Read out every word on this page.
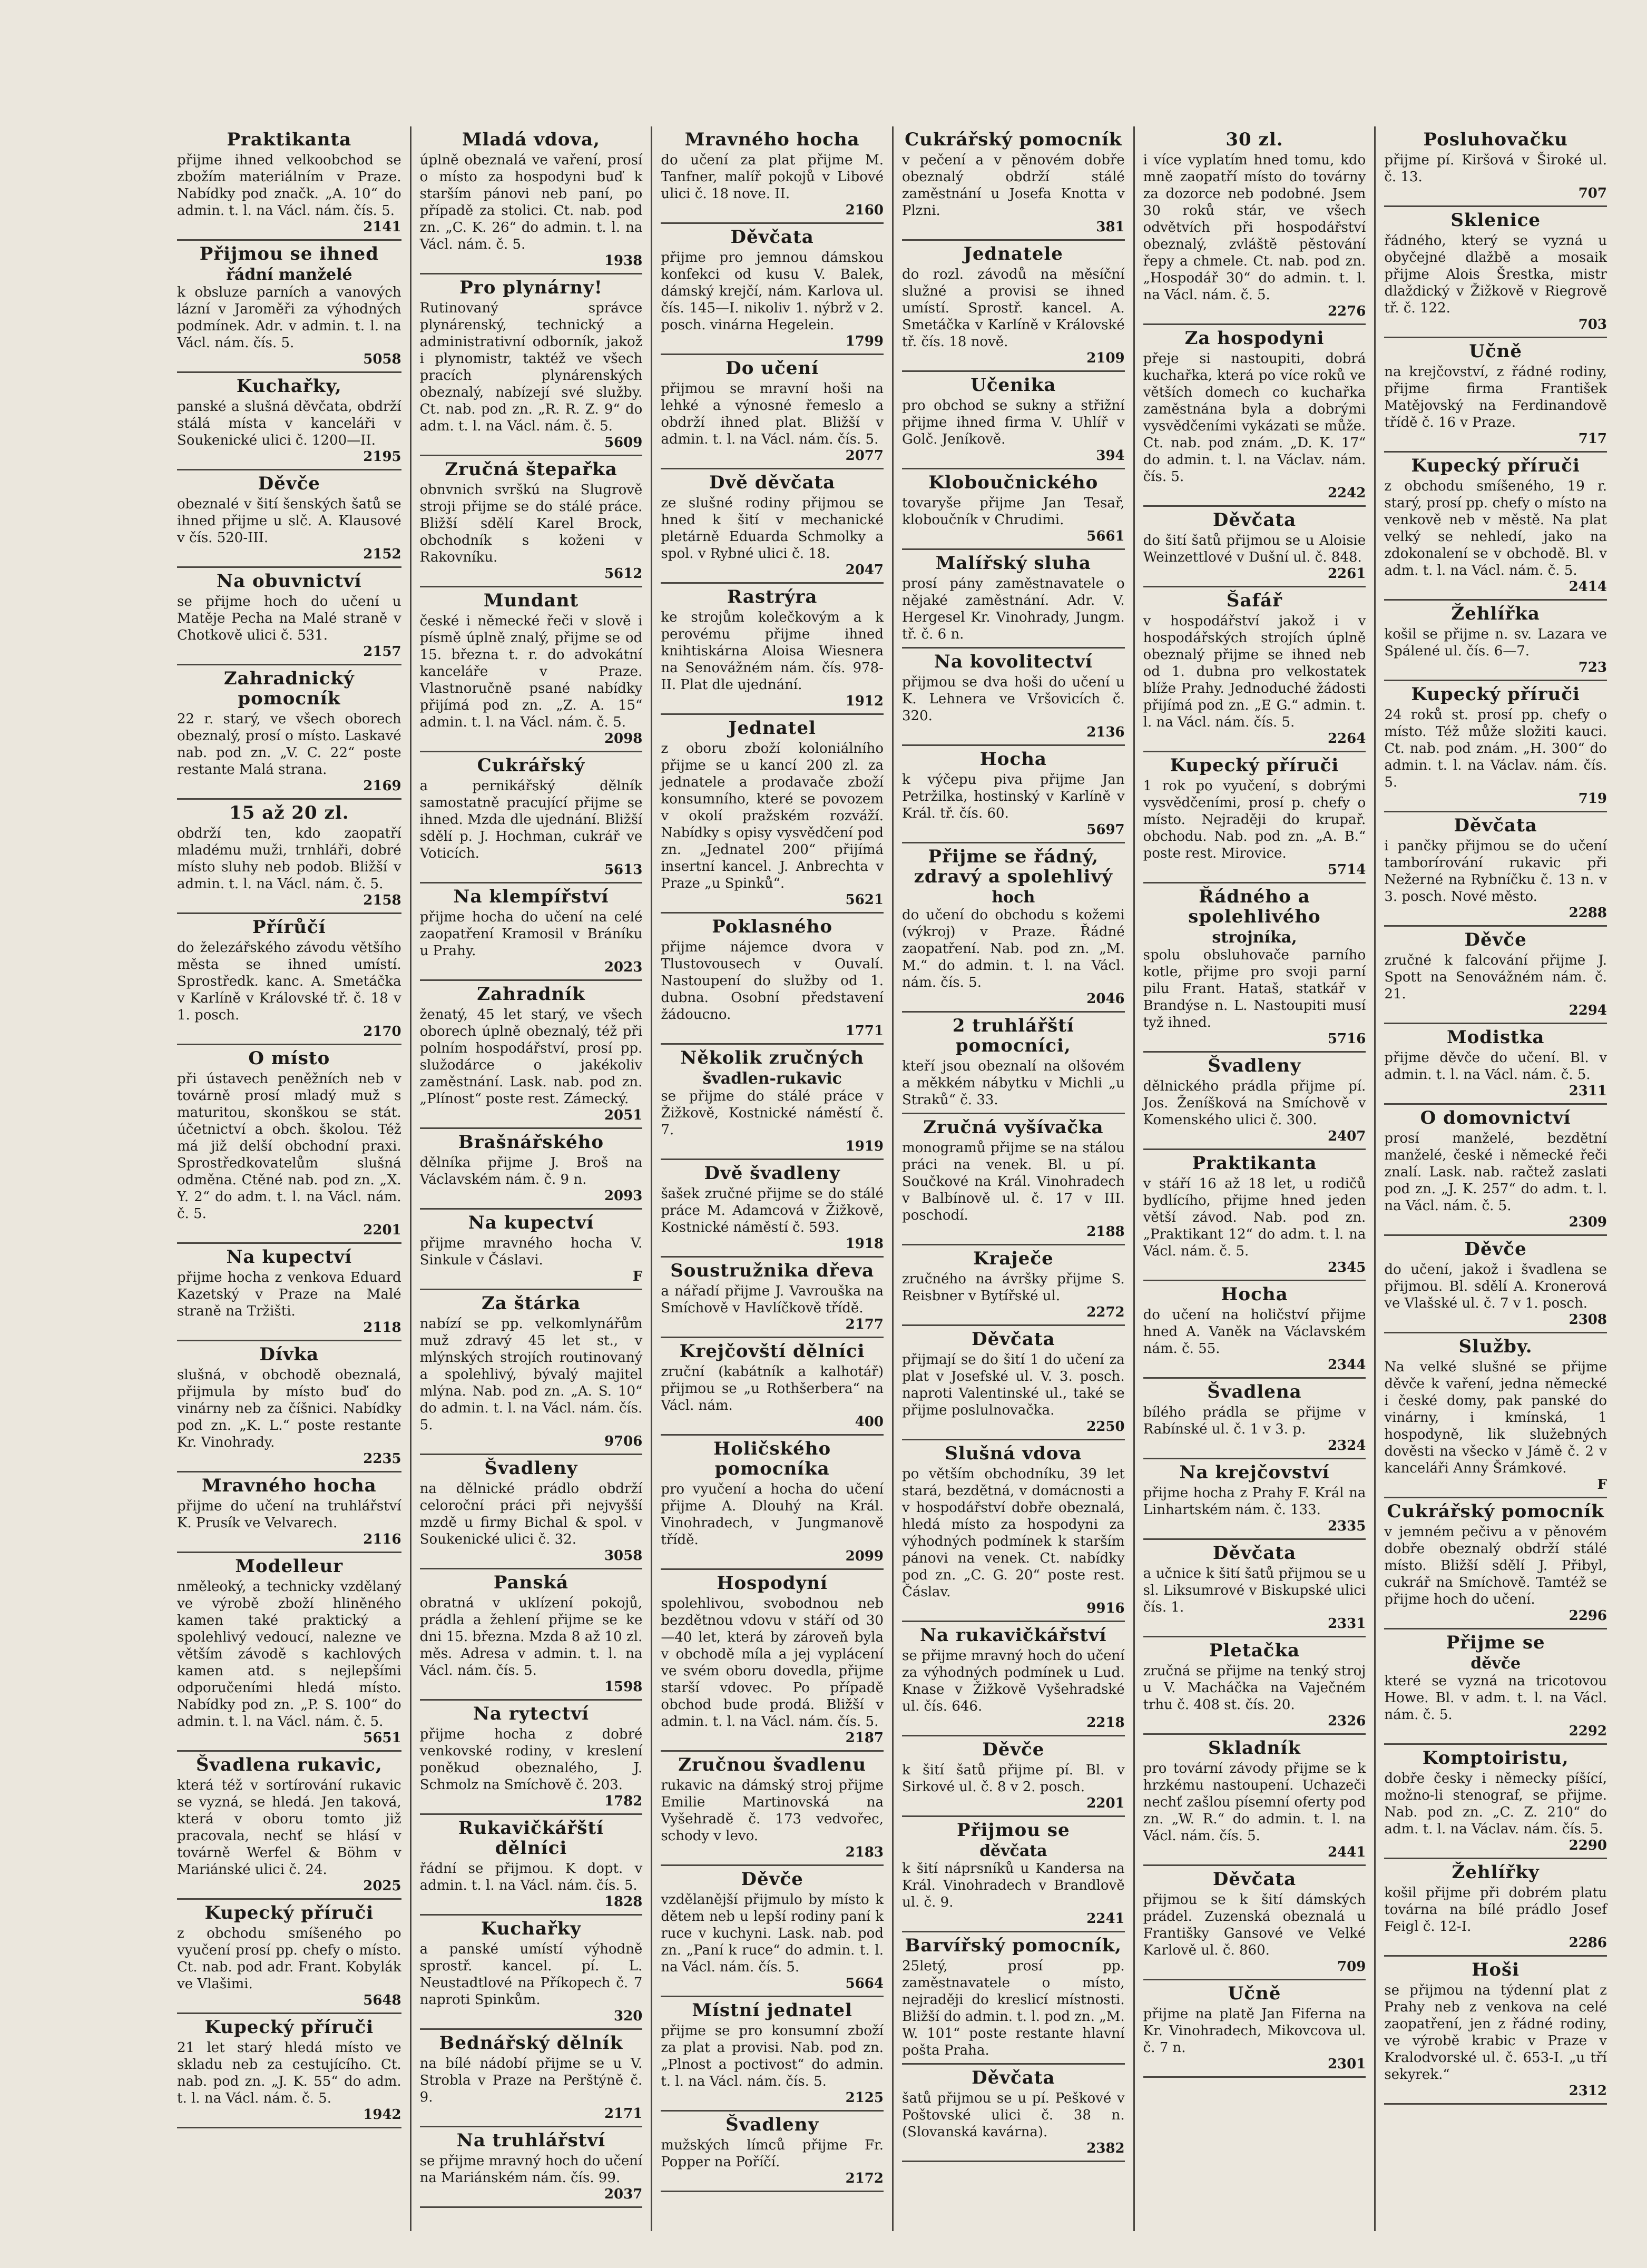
Praktikanta

přijme ihned velkoobchod se zbožím materiálním v Praze. Nabídky pod značk. „A. 10“ do admin. t. l. na Václ. nám. čís. 5.

2141
Přijmou se ihned
řádní manželé

k obsluze parních a vanových lázní v Jaroměři za výhodných podmínek. Adr. v admin. t. l. na Václ. nám. čís. 5.

5058
Kuchařky,

panské a slušná děvčata, obdrží stálá místa v kanceláři v Soukenické ulici č. 1200—II.

2195
Děvče

obeznalé v šití šenských šatů se ihned přijme u slč. A. Klausové v čís. 520-III.

2152
Na obuvnictví

se přijme hoch do učení u Matěje Pecha na Malé straně v Chotkově ulici č. 531.

2157
Zahradnický pomocník

22 r. starý, ve všech oborech obeznalý, prosí o místo. Laskavé nab. pod zn. „V. C. 22“ poste restante Malá strana.

2169
15 až 20 zl.

obdrží ten, kdo zaopatří mladému muži, trnhláři, dobré místo sluhy neb podob. Bližší v admin. t. l. na Václ. nám. č. 5.

2158
Přírůčí

do železářského závodu většího města se ihned umístí. Sprostředk. kanc. A. Smetáčka v Karlíně v Královské tř. č. 18 v 1. posch.

2170
O místo

při ústavech peněžních neb v továrně prosí mladý muž s maturitou, skonškou se stát. účetnictví a obch. školou. Též má již delší obchodní praxi. Sprostředkovatelům slušná odměna. Ctěné nab. pod zn. „X. Y. 2“ do adm. t. l. na Václ. nám. č. 5.

2201
Na kupectví

přijme hocha z venkova Eduard Kazetský v Praze na Malé straně na Tržišti.

2118
Dívka

slušná, v obchodě obeznalá, přijmula by místo buď do vinárny neb za číšnici. Nabídky pod zn. „K. L.“ poste restante Kr. Vinohrady.

2235
Mravného hocha

přijme do učení na truhlářství K. Prusík ve Velvarech.

2116
Modelleur

nměleoký, a technicky vzdělaný ve výrobě zboží hliněného kamen také praktický a spolehlivý vedoucí, nalezne ve větším závodě s kachlových kamen atd. s nejlepšími odporučeními hledá místo. Nabídky pod zn. „P. S. 100“ do admin. t. l. na Václ. nám. č. 5.

5651
Švadlena rukavic,

která též v sortírování rukavic se vyzná, se hledá. Jen taková, která v oboru tomto již pracovala, nechť se hlásí v továrně Werfel & Böhm v Mariánské ulici č. 24.

2025
Kupecký příruči

z obchodu smíšeného po vyučení prosí pp. chefy o místo. Ct. nab. pod adr. Frant. Kobylák ve Vlašimi.

5648
Kupecký příruči

21 let starý hledá místo ve skladu neb za cestujícího. Ct. nab. pod zn. „J. K. 55“ do adm. t. l. na Václ. nám. č. 5.

1942
Mladá vdova,

úplně obeznalá ve vaření, prosí o místo za hospodyni buď k starším pánovi neb paní, po případě za stolici. Ct. nab. pod zn. „C. K. 26“ do admin. t. l. na Václ. nám. č. 5.

1938
Pro plynárny!

Rutinovaný správce plynárenský, technický a administrativní odborník, jakož i plynomistr, taktéž ve všech pracích plynárenských obeznalý, nabízejí své služby. Ct. nab. pod zn. „R. R. Z. 9“ do adm. t. l. na Václ. nám. č. 5.

5609
Zručná štepařka

obnvnich svrškú na Slugrově stroji přijme se do stálé práce. Bližší sdělí Karel Brock, obchodník s koženi v Rakovníku.

5612
Mundant

české i německé řeči v slově i písmě úplně znalý, přijme se od 15. března t. r. do advokátní kanceláře v Praze. Vlastnoručně psané nabídky přijímá pod zn. „Z. A. 15“ admin. t. l. na Václ. nám. č. 5.

2098
Cukrářský

a pernikářský dělník samostatně pracující přijme se ihned. Mzda dle ujednání. Bližší sdělí p. J. Hochman, cukrář ve Voticích.

5613
Na klempířství

přijme hocha do učení na celé zaopatření Kramosil v Bráníku u Prahy.

2023
Zahradník

ženatý, 45 let starý, ve všech oborech úplně obeznalý, též při polním hospodářství, prosí pp. služodárce o jakékoliv zaměstnání. Lask. nab. pod zn. „Plínost“ poste rest. Zámecký.

2051
Brašnářského

dělníka přijme J. Broš na Václavském nám. č. 9 n.

2093
Na kupectví

přijme mravného hocha V. Sinkule v Čáslavi.

F
Za štárka

nabízí se pp. velkomlynářům muž zdravý 45 let st., v mlýnských strojích routinovaný a spolehlivý, bývalý majitel mlýna. Nab. pod zn. „A. S. 10“ do admin. t. l. na Václ. nám. čís. 5.

9706
Švadleny

na dělnické prádlo obdrží celoroční práci při nejvyšší mzdě u firmy Bichal & spol. v Soukenické ulici č. 32.

3058
Panská

obratná v uklízení pokojů, prádla a žehlení přijme se ke dni 15. března. Mzda 8 až 10 zl. měs. Adresa v admin. t. l. na Václ. nám. čís. 5.

1598
Na rytectví

přijme hocha z dobré venkovské rodiny, v kreslení poněkud obeznalého, J. Schmolz na Smíchově č. 203.

1782
Rukavičkářští dělníci

řádní se přijmou. K dopt. v admin. t. l. na Václ. nám. čís. 5.

1828
Kuchařky

a panské umístí výhodně sprostř. kancel. pí. L. Neustadtlové na Příkopech č. 7 naproti Spinkům.

320
Bednářský dělník

na bílé nádobí přijme se u V. Strobla v Praze na Perštýně č. 9.

2171
Na truhlářství

se přijme mravný hoch do učení na Mariánském nám. čís. 99.

2037
Mravného hocha

do učení za plat přijme M. Tanfner, malíř pokojů v Libové ulici č. 18 nove. II.

2160
Děvčata

přijme pro jemnou dámskou konfekci od kusu V. Balek, dámský krejčí, nám. Karlova ul. čís. 145—I. nikoliv 1. nýbrž v 2. posch. vinárna Hegelein.

1799
Do učení

přijmou se mravní hoši na lehké a výnosné řemeslo a obdrží ihned plat. Bližší v admin. t. l. na Václ. nám. čís. 5.

2077
Dvě děvčata

ze slušné rodiny přijmou se hned k šití v mechanické pletárně Eduarda Schmolky a spol. v Rybné ulici č. 18.

2047
Rastrýra

ke strojům kolečkovým a k perovému přijme ihned knihtiskárna Aloisa Wiesnera na Senovážném nám. čís. 978-II. Plat dle ujednání.

1912
Jednatel

z oboru zboží koloniálního přijme se u kancí 200 zl. za jednatele a prodavače zboží konsumního, které se povozem v okolí pražském rozváží. Nabídky s opisy vysvědčení pod zn. „Jednatel 200“ přijímá insertní kancel. J. Anbrechta v Praze „u Spinků“.

5621
Poklasného

přijme nájemce dvora v Tlustovousech v Ouvalí. Nastoupení do služby od 1. dubna. Osobní představení žádoucno.

1771
Několik zručných
švadlen-rukavic

se přijme do stálé práce v Žižkově, Kostnické náměstí č. 7.

1919
Dvě švadleny

šašek zručné přijme se do stálé práce M. Adamcová v Žižkově, Kostnické náměstí č. 593.

1918
Soustružnika dřeva

a nářadí přijme J. Vavrouška na Smíchově v Havlíčkově třídě.

2177
Krejčovští dělníci

zruční (kabátník a kalhotář) přijmou se „u Rothšerbera“ na Václ. nám.

400
Holičského pomocníka

pro vyučení a hocha do učení přijme A. Dlouhý na Král. Vinohradech, v Jungmanově třídě.

2099
Hospodyní

spolehlivou, svobodnou neb bezdětnou vdovu v stáří od 30—40 let, která by zároveň byla v obchodě míla a jej vyplácení ve svém oboru dovedla, přijme starší vdovec. Po případě obchod bude prodá. Bližší v admin. t. l. na Václ. nám. čís. 5.

2187
Zručnou švadlenu

rukavic na dámský stroj přijme Emilie Martinovská na Vyšehradě č. 173 vedvořec, schody v levo.

2183
Děvče

vzdělanější přijmulo by místo k dětem neb u lepší rodiny paní k ruce v kuchyni. Lask. nab. pod zn. „Paní k ruce“ do admin. t. l. na Václ. nám. čís. 5.

5664
Místní jednatel

přijme se pro konsumní zboží za plat a provisi. Nab. pod zn. „Plnost a poctivost“ do admin. t. l. na Václ. nám. čís. 5.

2125
Švadleny

mužských límců přijme Fr. Popper na Poříčí.

2172
Cukrářský pomocník

v pečení a v pěnovém dobře obeznalý obdrží stálé zaměstnání u Josefa Knotta v Plzni.

381
Jednatele

do rozl. závodů na měsíční služné a provisi se ihned umístí. Sprostř. kancel. A. Smetáčka v Karlíně v Královské tř. čís. 18 nově.

2109
Učenika

pro obchod se sukny a střižní přijme ihned firma V. Uhlíř v Golč. Jeníkově.

394
Kloboučnického

tovaryše přijme Jan Tesař, kloboučník v Chrudimi.

5661
Malířský sluha

prosí pány zaměstnavatele o nějaké zaměstnání. Adr. V. Hergesel Kr. Vinohrady, Jungm. tř. č. 6 n.

Na kovolitectví

přijmou se dva hoši do učení u K. Lehnera ve Vršovicích č. 320.

2136
Hocha

k výčepu piva přijme Jan Petržilka, hostinský v Karlíně v Král. tř. čís. 60.

5697
Přijme se řádný, zdravý a spolehlivý
hoch

do učení do obchodu s kožemi (výkroj) v Praze. Řádné zaopatření. Nab. pod zn. „M. M.“ do admin. t. l. na Václ. nám. čís. 5.

2046
2 truhlářští pomocníci,

kteří jsou obeznalí na olšovém a měkkém nábytku v Michli „u Straků“ č. 33.

Zručná vyšívačka

monogramů přijme se na stálou práci na venek. Bl. u pí. Součkové na Král. Vinohradech v Balbínově ul. č. 17 v III. poschodí.

2188
Kraječe

zručného na ávršky přijme S. Reisbner v Bytířské ul.

2272
Děvčata

přijmají se do šití 1 do učení za plat v Josefské ul. V. 3. posch. naproti Valentinské ul., také se přijme poslulnovačka.

2250
Slušná vdova

po větším obchodníku, 39 let stará, bezdětná, v domácnosti a v hospodářství dobře obeznalá, hledá místo za hospodyni za výhodných podmínek k starším pánovi na venek. Ct. nabídky pod zn. „C. G. 20“ poste rest. Čáslav.

9916
Na rukavičkářství

se přijme mravný hoch do učení za výhodných podmínek u Lud. Knase v Žižkově Vyšehradské ul. čís. 646.

2218
Děvče

k šití šatů přijme pí. Bl. v Sirkové ul. č. 8 v 2. posch.

2201
Přijmou se
děvčata

k šití náprsníků u Kandersa na Král. Vinohradech v Brandlově ul. č. 9.

2241
Barvířský pomocník,

25letý, prosí pp. zaměstnavatele o místo, nejraději do kreslicí místnosti. Bližší do admin. t. l. pod zn. „M. W. 101“ poste restante hlavní pošta Praha.

Děvčata

šatů přijmou se u pí. Peškové v Poštovské ulici č. 38 n. (Slovanská kavárna).

2382
30 zl.

i více vyplatím hned tomu, kdo mně zaopatří místo do továrny za dozorce neb podobné. Jsem 30 roků stár, ve všech odvětvích při hospodářství obeznalý, zvláště pěstování řepy a chmele. Ct. nab. pod zn. „Hospodář 30“ do admin. t. l. na Václ. nám. č. 5.

2276
Za hospodyni

přeje si nastoupiti, dobrá kuchařka, která po více roků ve větších domech co kuchařka zaměstnána byla a dobrými vysvědčeními vykázati se může. Ct. nab. pod znám. „D. K. 17“ do admin. t. l. na Václav. nám. čís. 5.

2242
Děvčata

do šití šatů přijmou se u Aloisie Weinzettlové v Dušní ul. č. 848.

2261
Šafář

v hospodářství jakož i v hospodářských strojích úplně obeznalý přijme se ihned neb od 1. dubna pro velkostatek blíže Prahy. Jednoduché žádosti přijímá pod zn. „E G.“ admin. t. l. na Václ. nám. čís. 5.

2264
Kupecký příruči

1 rok po vyučení, s dobrými vysvědčeními, prosí p. chefy o místo. Nejraději do krupař. obchodu. Nab. pod zn. „A. B.“ poste rest. Mirovice.

5714
Řádného a spolehlivého
strojníka,

spolu obsluhovače parního kotle, přijme pro svoji parní pilu Frant. Hataš, statkář v Brandýse n. L. Nastoupiti musí tyž ihned.

5716
Švadleny

dělnického prádla přijme pí. Jos. Ženíšková na Smíchově v Komenského ulici č. 300.

2407
Praktikanta

v stáří 16 až 18 let, u rodičů bydlícího, přijme hned jeden větší závod. Nab. pod zn. „Praktikant 12“ do adm. t. l. na Václ. nám. č. 5.

2345
Hocha

do učení na holičství přijme hned A. Vaněk na Václavském nám. č. 55.

2344
Švadlena

bílého prádla se přijme v Rabínské ul. č. 1 v 3. p.

2324
Na krejčovství

přijme hocha z Prahy F. Král na Linhartském nám. č. 133.

2335
Děvčata

a učnice k šití šatů přijmou se u sl. Liksumrové v Biskupské ulici čís. 1.

2331
Pletačka

zručná se přijme na tenký stroj u V. Macháčka na Vaječném trhu č. 408 st. čís. 20.

2326
Skladník

pro tovární závody přijme se k hrzkému nastoupení. Uchazeči nechť zašlou písemní oferty pod zn. „W. R.“ do admin. t. l. na Václ. nám. čís. 5.

2441
Děvčata

přijmou se k šití dámských prádel. Zuzenská obeznalá u Františky Gansové ve Velké Karlově ul. č. 860.

709
Učně

přijme na platě Jan Fiferna na Kr. Vinohradech, Mikovcova ul. č. 7 n.

2301
Posluhovačku

přijme pí. Kiršová v Široké ul. č. 13.

707
Sklenice

řádného, který se vyzná u obyčejné dlažbě a mosaik přijme Alois Šrestka, mistr dlaždický v Žižkově v Riegrově tř. č. 122.

703
Učně

na krejčovství, z řádné rodiny, přijme firma František Matějovský na Ferdinandově třídě č. 16 v Praze.

717
Kupecký příruči

z obchodu smíšeného, 19 r. starý, prosí pp. chefy o místo na venkově neb v městě. Na plat velký se nehledí, jako na zdokonalení se v obchodě. Bl. v adm. t. l. na Václ. nám. č. 5.

2414
Žehlířka

košil se přijme n. sv. Lazara ve Spálené ul. čís. 6—7.

723
Kupecký příruči

24 roků st. prosí pp. chefy o místo. Též může složiti kauci. Ct. nab. pod znám. „H. 300“ do admin. t. l. na Václav. nám. čís. 5.

719
Děvčata

i pančky přijmou se do učení tamborírování rukavic při Nežerné na Rybníčku č. 13 n. v 3. posch. Nové město.

2288
Děvče

zručné k falcování přijme J. Spott na Senovážném nám. č. 21.

2294
Modistka

přijme děvče do učení. Bl. v admin. t. l. na Václ. nám. č. 5.

2311
O domovnictví

prosí manželé, bezdětní manželé, české i německé řeči znalí. Lask. nab. račtež zaslati pod zn. „J. K. 257“ do adm. t. l. na Václ. nám. č. 5.

2309
Děvče

do učení, jakož i švadlena se přijmou. Bl. sdělí A. Kronerová ve Vlašské ul. č. 7 v 1. posch.

2308
Služby.

Na velké slušné se přijme děvče k vaření, jedna německé i české domy, pak panské do vinárny, i kmínská, 1 hospodyně, lik služebných dověsti na všecko v Jámě č. 2 v kanceláři Anny Šrámkové.

F
Cukrářský pomocník

v jemném pečivu a v pěnovém dobře obeznalý obdrží stálé místo. Bližší sdělí J. Přibyl, cukrář na Smíchově. Tamtéž se přijme hoch do učení.

2296
Přijme se
děvče

které se vyzná na tricotovou Howe. Bl. v adm. t. l. na Václ. nám. č. 5.

2292
Komptoiristu,

dobře česky i německy píšící, možno-li stenograf, se přijme. Nab. pod zn. „C. Z. 210“ do adm. t. l. na Václav. nám. čís. 5.

2290
Žehlířky

košil přijme při dobrém platu továrna na bílé prádlo Josef Feigl č. 12-I.

2286
Hoši

se přijmou na týdenní plat z Prahy neb z venkova na celé zaopatření, jen z řádné rodiny, ve výrobě krabic v Praze v Kralodvorské ul. č. 653-I. „u tří sekyrek.“

2312
